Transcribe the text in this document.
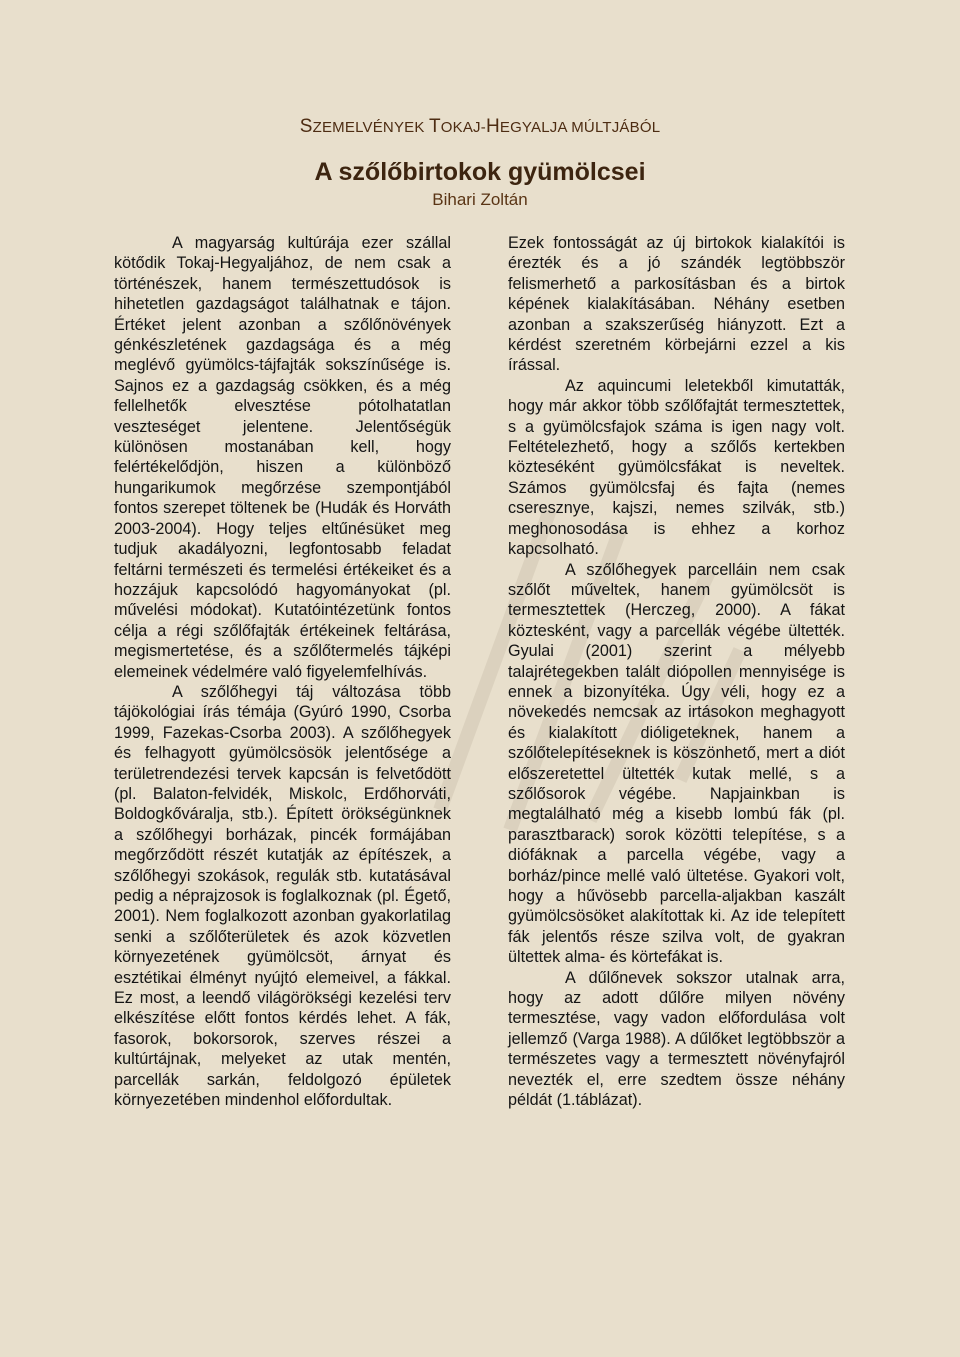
SZEMELVÉNYEK TOKAJ-HEGYALJA MÚLTJÁBÓL
A szőlőbirtokok gyümölcsei
Bihari Zoltán

A magyarság kultúrája ezer szállal kötődik Tokaj-Hegyaljához, de nem csak a történészek, hanem természettudósok is hihetetlen gazdagságot találhatnak e tájon. Értéket jelent azonban a szőlőnövények génkészletének gazdagsága és a még meglévő gyümölcs-tájfajták sokszínűsége is. Sajnos ez a gazdagság csökken, és a még fellelhetők elvesztése pótolhatatlan veszteséget jelentene. Jelentőségük különösen mostanában kell, hogy felértékelődjön, hiszen a különböző hungarikumok megőrzése szempontjából fontos szerepet töltenek be (Hudák és Horváth 2003-2004). Hogy teljes eltűnésüket meg tudjuk akadályozni, legfontosabb feladat feltárni természeti és termelési értékeiket és a hozzájuk kapcsolódó hagyományokat (pl. művelési módokat). Kutatóintézetünk fontos célja a régi szőlőfajták értékeinek feltárása, megismertetése, és a szőlőtermelés tájképi elemeinek védelmére való figyelemfelhívás.

A szőlőhegyi táj változása több tájökológiai írás témája (Gyúró 1990, Csorba 1999, Fazekas-Csorba 2003). A szőlőhegyek és felhagyott gyümölcsösök jelentősége a területrendezési tervek kapcsán is felvetődött (pl. Balaton-felvidék, Miskolc, Erdőhorváti, Boldogkőváralja, stb.). Épített örökségünknek a szőlőhegyi borházak, pincék formájában megőrződött részét kutatják az építészek, a szőlőhegyi szokások, regulák stb. kutatásával pedig a néprajzosok is foglalkoznak (pl. Égető, 2001). Nem foglalkozott azonban gyakorlatilag senki a szőlőterületek és azok közvetlen környezetének gyümölcsöt, árnyat és esztétikai élményt nyújtó elemeivel, a fákkal. Ez most, a leendő világörökségi kezelési terv elkészítése előtt fontos kérdés lehet. A fák, fasorok, bokorsorok, szerves részei a kultúrtájnak, melyeket az utak mentén, parcellák sarkán, feldolgozó épületek környezetében mindenhol előfordultak.

Ezek fontosságát az új birtokok kialakítói is érezték és a jó szándék legtöbbször felismerhető a parkosításban és a birtok képének kialakításában. Néhány esetben azonban a szakszerűség hiányzott. Ezt a kérdést szeretném körbejárni ezzel a kis írással.

Az aquincumi leletekből kimutatták, hogy már akkor több szőlőfajtát termesztettek, s a gyümölcsfajok száma is igen nagy volt. Feltételezhető, hogy a szőlős kertekben közteséként gyümölcsfákat is neveltek. Számos gyümölcsfaj és fajta (nemes cseresznye, kajszi, nemes szilvák, stb.) meghonosodása is ehhez a korhoz kapcsolható.

A szőlőhegyek parcelláin nem csak szőlőt műveltek, hanem gyümölcsöt is termesztettek (Herczeg, 2000). A fákat köztesként, vagy a parcellák végébe ültették. Gyulai (2001) szerint a mélyebb talajrétegekben talált diópollen mennyisége is ennek a bizonyítéka. Úgy véli, hogy ez a növekedés nemcsak az irtásokon meghagyott és kialakított dióligeteknek, hanem a szőlőtelepítéseknek is köszönhető, mert a diót előszeretettel ültették kutak mellé, s a szőlősorok végébe. Napjainkban is megtalálható még a kisebb lombú fák (pl. parasztbarack) sorok közötti telepítése, s a diófáknak a parcella végébe, vagy a borház/pince mellé való ültetése. Gyakori volt, hogy a hűvösebb parcella-aljakban kaszált gyümölcsösöket alakítottak ki. Az ide telepített fák jelentős része szilva volt, de gyakran ültettek alma- és körtefákat is.

A dűlőnevek sokszor utalnak arra, hogy az adott dűlőre milyen növény termesztése, vagy vadon előfordulása volt jellemző (Varga 1988). A dűlőket legtöbbször a természetes vagy a termesztett növényfajról nevezték el, erre szedtem össze néhány példát (1.táblázat).
